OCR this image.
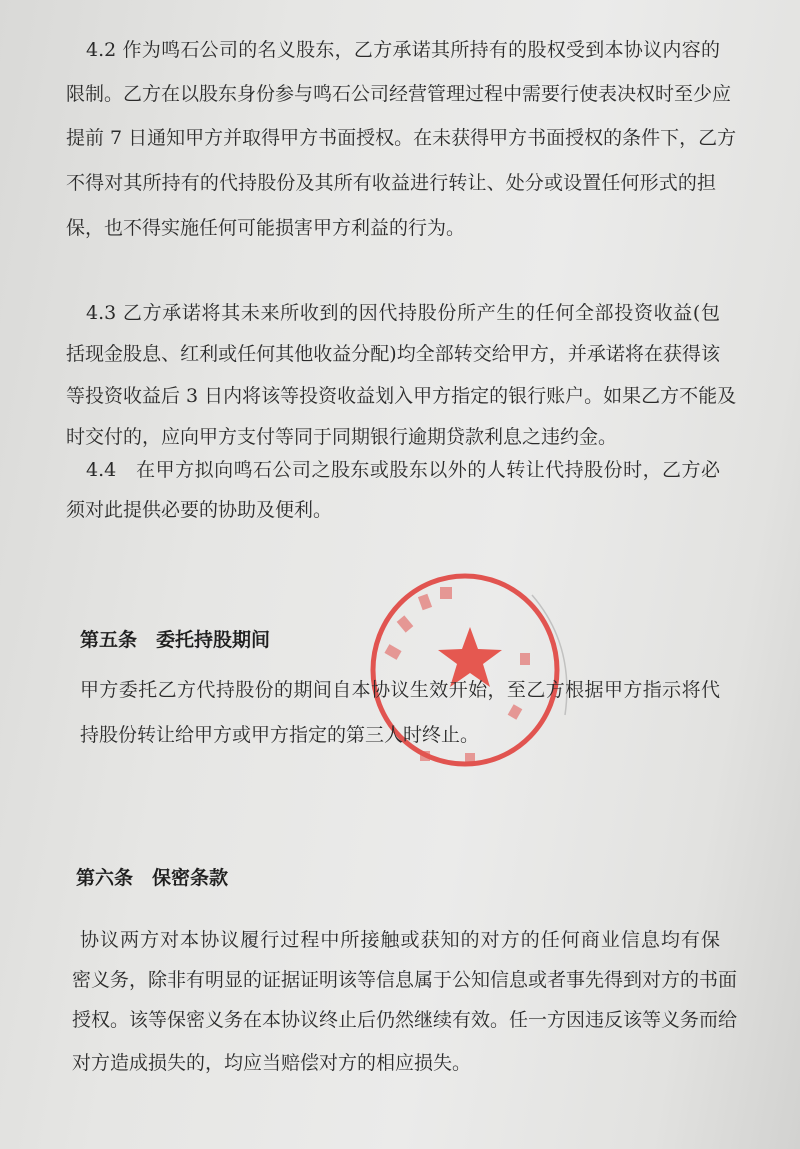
4.2 作为鸣石公司的名义股东，乙方承诺其所持有的股权受到本协议内容的
限制。乙方在以股东身份参与鸣石公司经营管理过程中需要行使表决权时至少应
提前 7 日通知甲方并取得甲方书面授权。在未获得甲方书面授权的条件下，乙方
不得对其所持有的代持股份及其所有收益进行转让、处分或设置任何形式的担
保，也不得实施任何可能损害甲方利益的行为。
4.3 乙方承诺将其未来所收到的因代持股份所产生的任何全部投资收益(包
括现金股息、红利或任何其他收益分配)均全部转交给甲方，并承诺将在获得该
等投资收益后 3 日内将该等投资收益划入甲方指定的银行账户。如果乙方不能及
时交付的，应向甲方支付等同于同期银行逾期贷款利息之违约金。
4.4　在甲方拟向鸣石公司之股东或股东以外的人转让代持股份时，乙方必
须对此提供必要的协助及便利。
第五条　委托持股期间
甲方委托乙方代持股份的期间自本协议生效开始，至乙方根据甲方指示将代
持股份转让给甲方或甲方指定的第三人时终止。
第六条　保密条款
协议两方对本协议履行过程中所接触或获知的对方的任何商业信息均有保
密义务，除非有明显的证据证明该等信息属于公知信息或者事先得到对方的书面
授权。该等保密义务在本协议终止后仍然继续有效。任一方因违反该等义务而给
对方造成损失的，均应当赔偿对方的相应损失。
